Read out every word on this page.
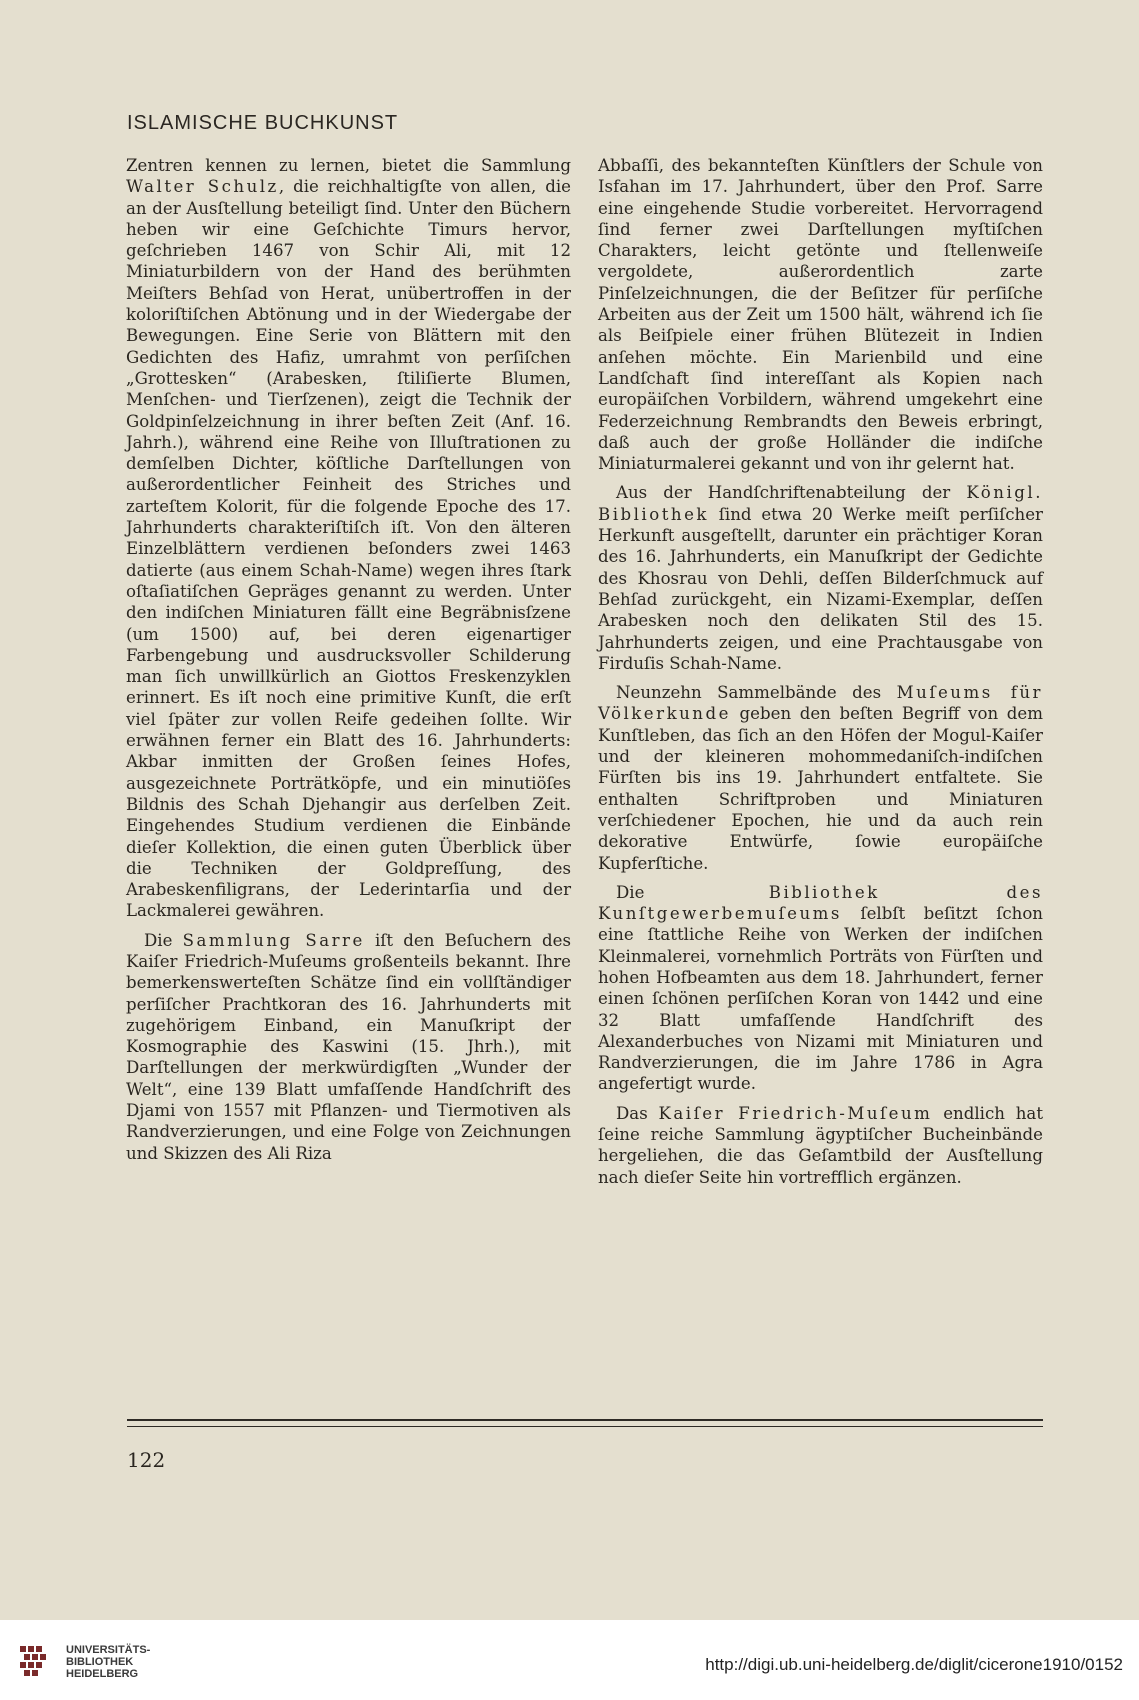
ISLAMISCHE BUCHKUNST

Zentren kennen zu lernen, bietet die Sammlung Walter Schulz, die reichhaltigſte von allen, die an der Ausſtellung beteiligt ſind. Unter den Büchern heben wir eine Geſchichte Timurs hervor, geſchrieben 1467 von Schir Ali, mit 12 Miniaturbildern von der Hand des berühmten Meiſters Behſad von Herat, unübertroffen in der koloriſtiſchen Abtönung und in der Wiedergabe der Bewegungen. Eine Serie von Blättern mit den Gedichten des Hafiz, umrahmt von perſiſchen „Grottesken“ (Arabesken, ſtiliſierte Blumen, Menſchen- und Tierſzenen), zeigt die Technik der Goldpinſelzeichnung in ihrer beſten Zeit (Anf. 16. Jahrh.), während eine Reihe von Illuſtrationen zu demſelben Dichter, köſtliche Darſtellungen von außerordentlicher Feinheit des Striches und zarteſtem Kolorit, für die folgende Epoche des 17. Jahrhunderts charakteriſtiſch iſt. Von den älteren Einzelblättern verdienen beſonders zwei 1463 datierte (aus einem Schah-Name) wegen ihres ſtark oſtaſiatiſchen Gepräges genannt zu werden. Unter den indiſchen Miniaturen fällt eine Begräbnisſzene (um 1500) auf, bei deren eigenartiger Farbengebung und ausdrucksvoller Schilderung man ſich unwillkürlich an Giottos Freskenzyklen erinnert. Es iſt noch eine primitive Kunſt, die erſt viel ſpäter zur vollen Reife gedeihen ſollte. Wir erwähnen ferner ein Blatt des 16. Jahrhunderts: Akbar inmitten der Großen ſeines Hofes, ausgezeichnete Porträtköpfe, und ein minutiöſes Bildnis des Schah Djehangir aus derſelben Zeit. Eingehendes Studium verdienen die Einbände dieſer Kollektion, die einen guten Überblick über die Techniken der Goldpreſſung, des Arabeskenfiligrans, der Lederintarſia und der Lackmalerei gewähren.

Die Sammlung Sarre iſt den Beſuchern des Kaiſer Friedrich-Muſeums großenteils bekannt. Ihre bemerkenswerteſten Schätze ſind ein vollſtändiger perſiſcher Prachtkoran des 16. Jahrhunderts mit zugehörigem Einband, ein Manuſkript der Kosmographie des Kaswini (15. Jhrh.), mit Darſtellungen der merkwürdigſten „Wunder der Welt“, eine 139 Blatt umfaſſende Handſchrift des Djami von 1557 mit Pflanzen- und Tiermotiven als Randverzierungen, und eine Folge von Zeichnungen und Skizzen des Ali Riza

Abbaſſi, des bekannteſten Künſtlers der Schule von Isfahan im 17. Jahrhundert, über den Prof. Sarre eine eingehende Studie vorbereitet. Hervorragend ſind ferner zwei Darſtellungen myſtiſchen Charakters, leicht getönte und ſtellenweiſe vergoldete, außerordentlich zarte Pinſelzeichnungen, die der Beſitzer für perſiſche Arbeiten aus der Zeit um 1500 hält, während ich ſie als Beiſpiele einer frühen Blütezeit in Indien anſehen möchte. Ein Marienbild und eine Landſchaft ſind intereſſant als Kopien nach europäiſchen Vorbildern, während umgekehrt eine Federzeichnung Rembrandts den Beweis erbringt, daß auch der große Holländer die indiſche Miniaturmalerei gekannt und von ihr gelernt hat.

Aus der Handſchriftenabteilung der Königl. Bibliothek ſind etwa 20 Werke meiſt perſiſcher Herkunft ausgeſtellt, darunter ein prächtiger Koran des 16. Jahrhunderts, ein Manuſkript der Gedichte des Khosrau von Dehli, deſſen Bilderſchmuck auf Behſad zurückgeht, ein Nizami-Exemplar, deſſen Arabesken noch den delikaten Stil des 15. Jahrhunderts zeigen, und eine Prachtausgabe von Firduſis Schah-Name.

Neunzehn Sammelbände des Muſeums für Völkerkunde geben den beſten Begriff von dem Kunſtleben, das ſich an den Höfen der Mogul-Kaiſer und der kleineren mohommedaniſch-indiſchen Fürſten bis ins 19. Jahrhundert entfaltete. Sie enthalten Schriftproben und Miniaturen verſchiedener Epochen, hie und da auch rein dekorative Entwürfe, ſowie europäiſche Kupferſtiche.

Die Bibliothek des Kunſtgewerbemuſeums ſelbſt beſitzt ſchon eine ſtattliche Reihe von Werken der indiſchen Kleinmalerei, vornehmlich Porträts von Fürſten und hohen Hofbeamten aus dem 18. Jahrhundert, ferner einen ſchönen perſiſchen Koran von 1442 und eine 32 Blatt umfaſſende Handſchrift des Alexanderbuches von Nizami mit Miniaturen und Randverzierungen, die im Jahre 1786 in Agra angefertigt wurde.

Das Kaiſer Friedrich-Muſeum endlich hat ſeine reiche Sammlung ägyptiſcher Bucheinbände hergeliehen, die das Geſamtbild der Ausſtellung nach dieſer Seite hin vortrefflich ergänzen.

122
UNIVERSITÄTS-
BIBLIOTHEK
HEIDELBERG	http://digi.ub.uni-heidelberg.de/diglit/cicerone1910/0152
